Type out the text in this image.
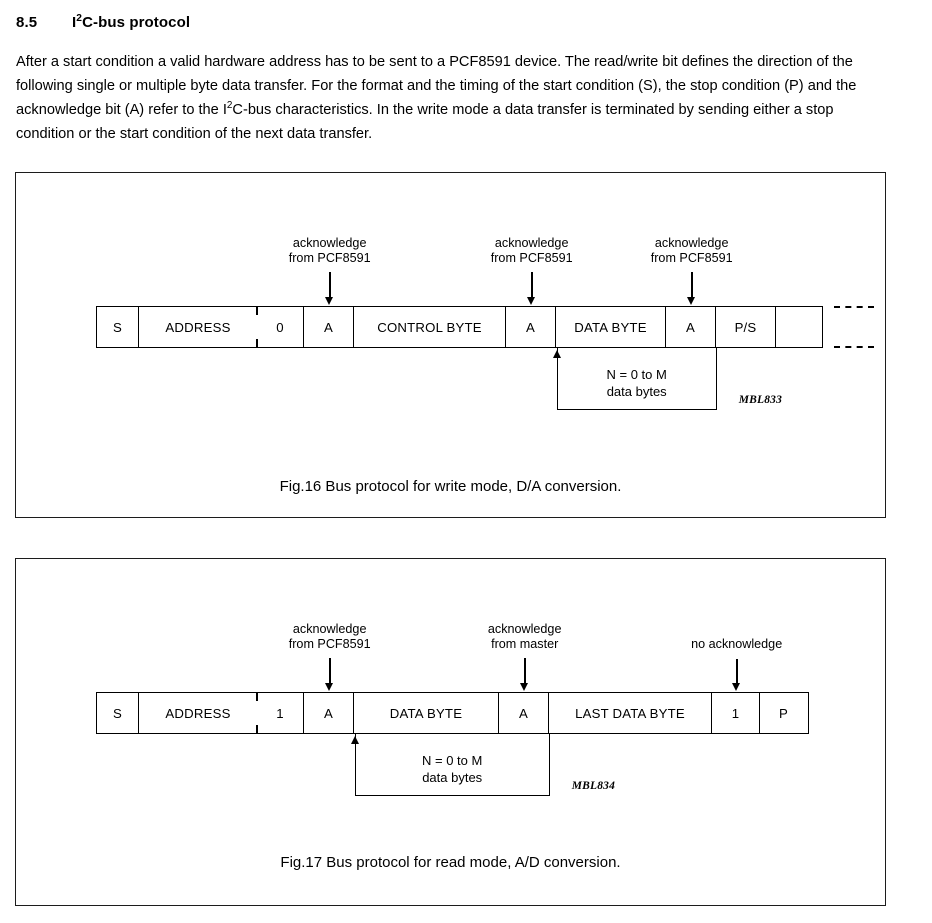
8.5 $I^2C$-bus protocol
After a start condition a valid hardware address has to be sent to a PCF8591 device. The read/write bit defines the direction of the following single or multiple byte data transfer. For the format and the timing of the start condition (S), the stop condition (P) and the acknowledge bit (A) refer to the $I^2C$-bus characteristics. In the write mode a data transfer is terminated by sending either a stop condition or the start condition of the next data transfer.
S	ADDRESS	0	A	CONTROL BYTE	A	DATA BYTE	A	P/S
acknowledge
from PCF8591
acknowledge
from PCF8591
acknowledge
from PCF8591
N = 0 to M
data bytes
MBL833
Fig.16 Bus protocol for write mode, D/A conversion.
S	ADDRESS	1	A	DATA BYTE	A	LAST DATA BYTE	1	P
acknowledge
from PCF8591
acknowledge
from master	no acknowledge
N = 0 to M
data bytes
MBL834
Fig.17 Bus protocol for read mode, A/D conversion.
